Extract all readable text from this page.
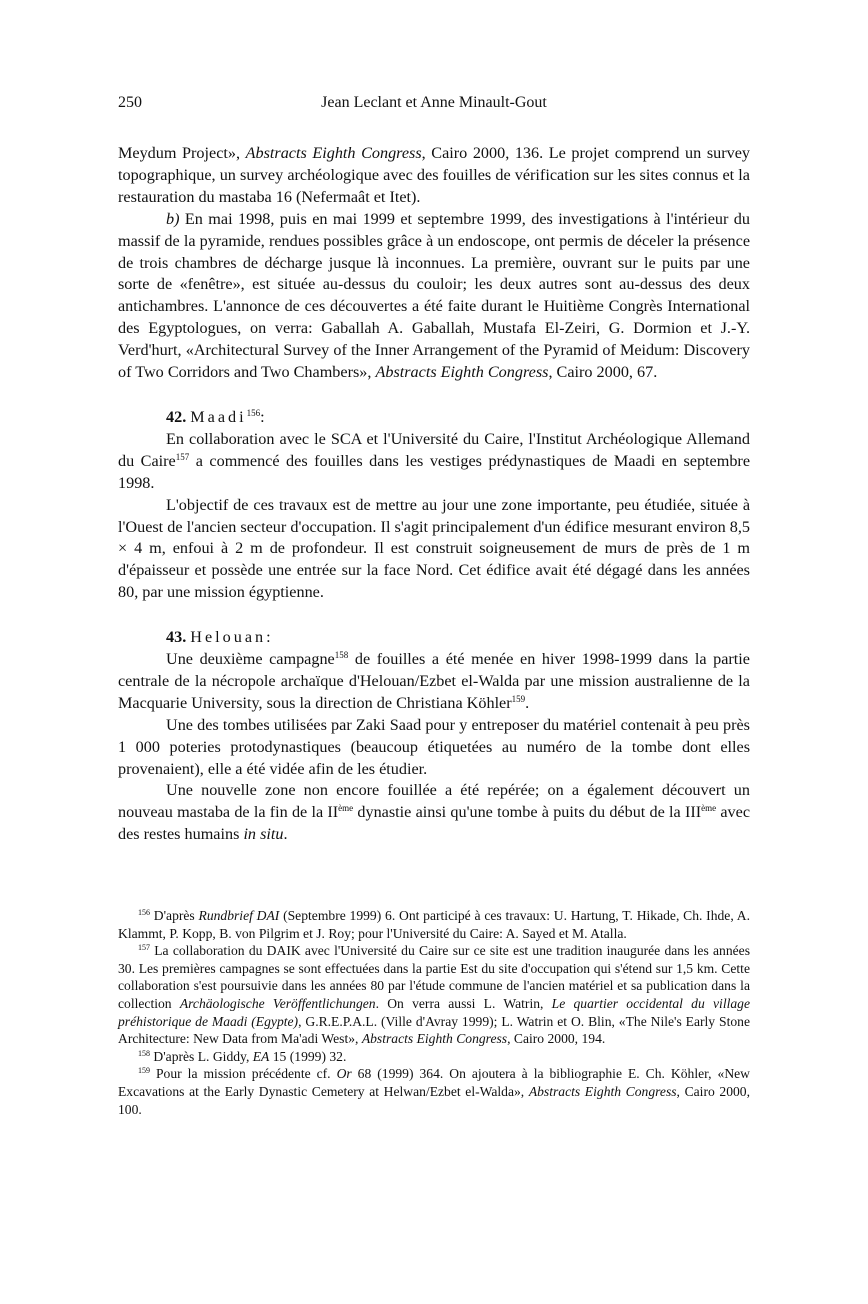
250	Jean Leclant et Anne Minault-Gout

Meydum Project», Abstracts Eighth Congress, Cairo 2000, 136. Le projet comprend un survey topographique, un survey archéologique avec des fouilles de vérification sur les sites connus et la restauration du mastaba 16 (Nefermaât et Itet).

b) En mai 1998, puis en mai 1999 et septembre 1999, des investigations à l'intérieur du massif de la pyramide, rendues possibles grâce à un endoscope, ont permis de déceler la présence de trois chambres de décharge jusque là inconnues. La première, ouvrant sur le puits par une sorte de «fenêtre», est située au-dessus du couloir; les deux autres sont au-dessus des deux antichambres. L'annonce de ces découvertes a été faite durant le Huitième Congrès International des Egyptologues, on verra: Gaballah A. Gaballah, Mustafa El-Zeiri, G. Dormion et J.-Y. Verd'hurt, «Architectural Survey of the Inner Arrangement of the Pyramid of Meidum: Discovery of Two Corridors and Two Chambers», Abstracts Eighth Congress, Cairo 2000, 67.

42. Maadi$^{156}$:

En collaboration avec le SCA et l'Université du Caire, l'Institut Archéologique Allemand du Caire$^{157}$ a commencé des fouilles dans les vestiges prédynastiques de Maadi en septembre 1998.

L'objectif de ces travaux est de mettre au jour une zone importante, peu étudiée, située à l'Ouest de l'ancien secteur d'occupation. Il s'agit principalement d'un édifice mesurant environ 8,5 × 4 m, enfoui à 2 m de profondeur. Il est construit soigneusement de murs de près de 1 m d'épaisseur et possède une entrée sur la face Nord. Cet édifice avait été dégagé dans les années 80, par une mission égyptienne.

43. Helouan:

Une deuxième campagne$^{158}$ de fouilles a été menée en hiver 1998-1999 dans la partie centrale de la nécropole archaïque d'Helouan/Ezbet el-Walda par une mission australienne de la Macquarie University, sous la direction de Christiana Köhler$^{159}$.

Une des tombes utilisées par Zaki Saad pour y entreposer du matériel contenait à peu près 1 000 poteries protodynastiques (beaucoup étiquetées au numéro de la tombe dont elles provenaient), elle a été vidée afin de les étudier.

Une nouvelle zone non encore fouillée a été repérée; on a également découvert un nouveau mastaba de la fin de la IIème dynastie ainsi qu'une tombe à puits du début de la IIIème avec des restes humains in situ.

$^{156}$ D'après Rundbrief DAI (Septembre 1999) 6. Ont participé à ces travaux: U. Hartung, T. Hikade, Ch. Ihde, A. Klammt, P. Kopp, B. von Pilgrim et J. Roy; pour l'Université du Caire: A. Sayed et M. Atalla.

$^{157}$ La collaboration du DAIK avec l'Université du Caire sur ce site est une tradition inaugurée dans les années 30. Les premières campagnes se sont effectuées dans la partie Est du site d'occupation qui s'étend sur 1,5 km. Cette collaboration s'est poursuivie dans les années 80 par l'étude commune de l'ancien matériel et sa publication dans la collection Archäologische Veröffentlichungen. On verra aussi L. Watrin, Le quartier occidental du village préhistorique de Maadi (Egypte), G.R.E.P.A.L. (Ville d'Avray 1999); L. Watrin et O. Blin, «The Nile's Early Stone Architecture: New Data from Ma'adi West», Abstracts Eighth Congress, Cairo 2000, 194.

$^{158}$ D'après L. Giddy, EA 15 (1999) 32.

$^{159}$ Pour la mission précédente cf. Or 68 (1999) 364. On ajoutera à la bibliographie E. Ch. Köhler, «New Excavations at the Early Dynastic Cemetery at Helwan/Ezbet el-Walda», Abstracts Eighth Congress, Cairo 2000, 100.
